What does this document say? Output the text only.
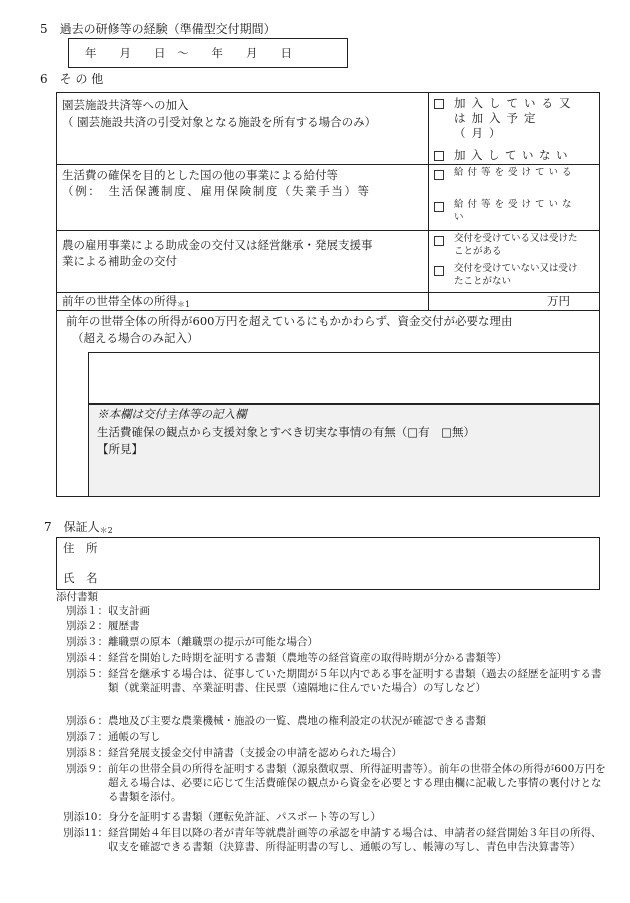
5　過去の研修等の経験（準備型交付期間）
年　　月　　日　～　　年　　月　　日
6　そ の 他
園芸施設共済等への加入
（ 園芸施設共済の引受対象となる施設を所有する場合のみ）
加入している又は加入予定（月）
加入していない
生活費の確保を目的とした国の他の事業による給付等
（例：　生活保護制度、雇用保険制度（失業手当）等
給付等を受けている
給付等を受けていない
農の雇用事業による助成金の交付又は経営継承・発展支援事
業による補助金の交付
交付を受けている又は受けたことがある
交付を受けていない又は受けたことがない
前年の世帯全体の所得＊1	万円
前年の世帯全体の所得が600万円を超えているにもかかわらず、資金交付が必要な理由
（超える場合のみ記入）
※本欄は交付主体等の記入欄
生活費確保の観点から支援対象とすべき切実な事情の有無（□有　□無）
【所見】
7　保証人＊2
住　所
氏　名
添付書類
別添１： 収支計画
別添２： 履歴書
別添３： 離職票の原本（離職票の提示が可能な場合）
別添４： 経営を開始した時期を証明する書類（農地等の経営資産の取得時期が分かる書類等）
別添５： 経営を継承する場合は、従事していた期間が５年以内である事を証明する書類（過去の経歴を証明する書類（就業証明書、卒業証明書、住民票（遠隔地に住んでいた場合）の写しなど）
別添６： 農地及び主要な農業機械・施設の一覧、農地の権利設定の状況が確認できる書類
別添７： 通帳の写し
別添８： 経営発展支援金交付申請書（支援金の申請を認められた場合）
別添９： 前年の世帯全員の所得を証明する書類（源泉徴収票、所得証明書等）。前年の世帯全体の所得が600万円を超える場合は、必要に応じて生活費確保の観点から資金を必要とする理由欄に記載した事情の裏付けとなる書類を添付。
別添10： 身分を証明する書類（運転免許証、パスポート等の写し）
別添11： 経営開始４年目以降の者が青年等就農計画等の承認を申請する場合は、申請者の経営開始３年目の所得、収支を確認できる書類（決算書、所得証明書の写し、通帳の写し、帳簿の写し、青色申告決算書等）
